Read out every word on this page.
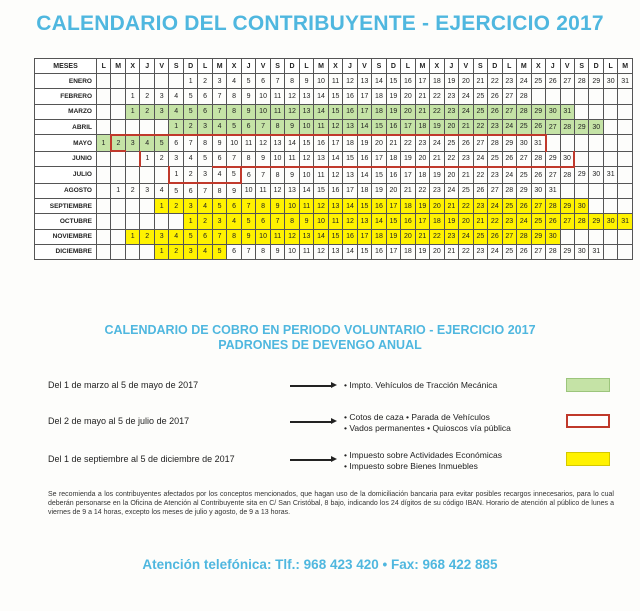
CALENDARIO DEL CONTRIBUYENTE - EJERCICIO 2017
MESES	L	M	X	J	V	S	D	L	M	X	J	V	S	D	L	M	X	J	V	S	D	L	M	X	J	V	S	D	L	M	X	J	V	S	D	L	M
ENERO							1	2	3	4	5	6	7	8	9	10	11	12	13	14	15	16	17	18	19	20	21	22	23	24	25	26	27	28	29	30	31
FEBRERO			1	2	3	4	5	6	7	8	9	10	11	12	13	14	15	16	17	18	19	20	21	22	23	24	25	26	27	28							
MARZO			1	2	3	4	5	6	7	8	9	10	11	12	13	14	15	16	17	18	19	20	21	22	23	24	25	26	27	28	29	30	31				
ABRIL						1	2	3	4	5	6	7	8	9	10	11	12	13	14	15	16	17	18	19	20	21	22	23	24	25	26	27	28	29	30		
MAYO	1	2	3	4	5	6	7	8	9	10	11	12	13	14	15	16	17	18	19	20	21	22	23	24	25	26	27	28	29	30	31						
JUNIO				1	2	3	4	5	6	7	8	9	10	11	12	13	14	15	16	17	18	19	20	21	22	23	24	25	26	27	28	29	30				
JULIO						1	2	3	4	5	6	7	8	9	10	11	12	13	14	15	16	17	18	19	20	21	22	23	24	25	26	27	28	29	30	31	
AGOSTO		1	2	3	4	5	6	7	8	9	10	11	12	13	14	15	16	17	18	19	20	21	22	23	24	25	26	27	28	29	30	31					
SEPTIEMBRE					1	2	3	4	5	6	7	8	9	10	11	12	13	14	15	16	17	18	19	20	21	22	23	24	25	26	27	28	29	30			
OCTUBRE							1	2	3	4	5	6	7	8	9	10	11	12	13	14	15	16	17	18	19	20	21	22	23	24	25	26	27	28	29	30	31
NOVIEMBRE			1	2	3	4	5	6	7	8	9	10	11	12	13	14	15	16	17	18	19	20	21	22	23	24	25	26	27	28	29	30					
DICIEMBRE					1	2	3	4	5	6	7	8	9	10	11	12	13	14	15	16	17	18	19	20	21	22	23	24	25	26	27	28	29	30	31		
CALENDARIO DE COBRO EN PERIODO VOLUNTARIO - EJERCICIO 2017
PADRONES DE DEVENGO ANUAL
Del 1 de marzo al 5 de mayo de 2017	• Impto. Vehículos de Tracción Mecánica
Del 2 de mayo al 5 de julio de 2017	• Cotos de caza • Parada de Vehículos
• Vados permanentes • Quioscos vía pública
Del 1 de septiembre al 5 de diciembre de 2017	• Impuesto sobre Actividades Económicas
• Impuesto sobre Bienes Inmuebles
Se recomienda a los contribuyentes afectados por los conceptos mencionados, que hagan uso de la domiciliación bancaria para evitar posibles recargos innecesarios, para lo cual deberán personarse en la Oficina de Atención al Contribuyente sita en C/ San Cristóbal, 8 bajo, indicando los 24 dígitos de su código IBAN. Horario de atención al público de lunes a viernes de 9 a 14 horas, excepto los meses de julio y agosto, de 9 a 13 horas.
Atención telefónica: Tlf.: 968 423 420 • Fax: 968 422 885
